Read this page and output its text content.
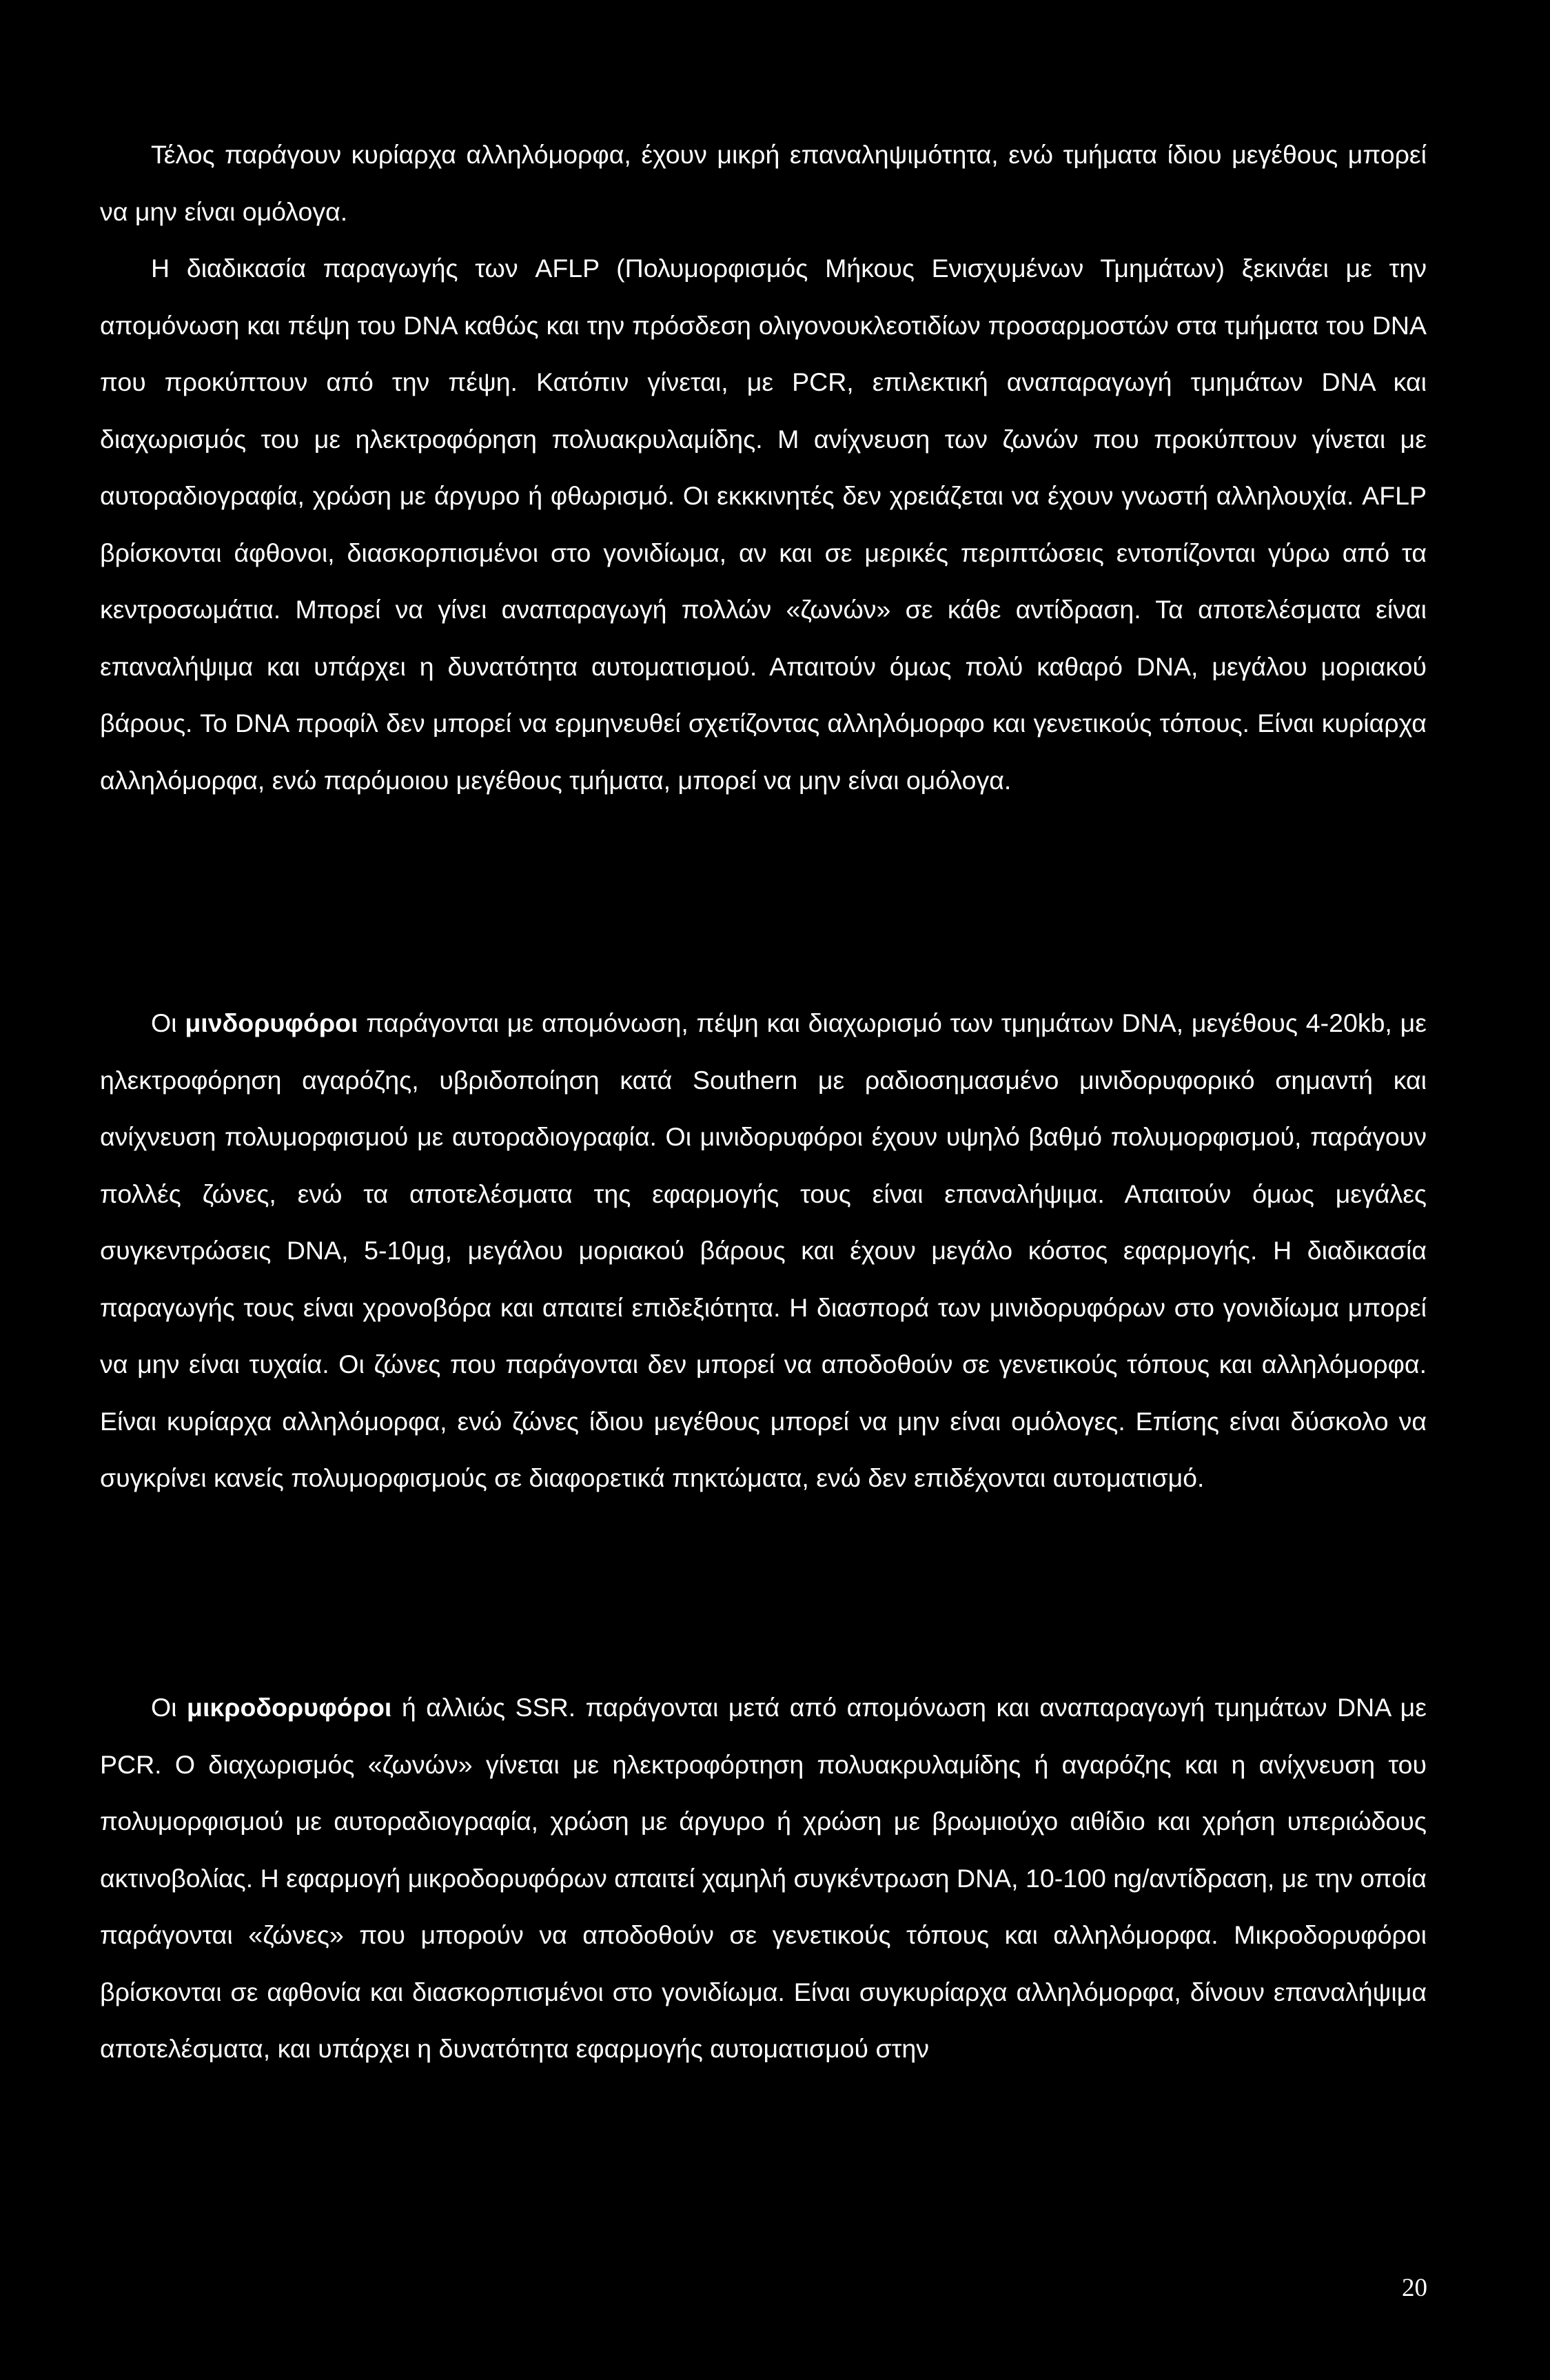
Τέλος παράγουν κυρίαρχα αλληλόμορφα, έχουν μικρή επαναληψιμότητα, ενώ τμήματα ίδιου μεγέθους μπορεί να μην είναι ομόλογα.

Η διαδικασία παραγωγής των AFLP (Πολυμορφισμός Μήκους Ενισχυμένων Τμημάτων) ξεκινάει με την απομόνωση και πέψη του DNA καθώς και την πρόσδεση ολιγονουκλεοτιδίων προσαρμοστών στα τμήματα του DNA που προκύπτουν από την πέψη. Κατόπιν γίνεται, με PCR, επιλεκτική αναπαραγωγή τμημάτων DNA και διαχωρισμός του με ηλεκτροφόρηση πολυακρυλαμίδης. Μ ανίχνευση των ζωνών που προκύπτουν γίνεται με αυτοραδιογραφία, χρώση με άργυρο ή φθωρισμό. Οι εκκκινητές δεν χρειάζεται να έχουν γνωστή αλληλουχία. AFLP βρίσκονται άφθονοι, διασκορπισμένοι στο γονιδίωμα, αν και σε μερικές περιπτώσεις εντοπίζονται γύρω από τα κεντροσωμάτια. Μπορεί να γίνει αναπαραγωγή πολλών «ζωνών» σε κάθε αντίδραση. Τα αποτελέσματα είναι επαναλήψιμα και υπάρχει η δυνατότητα αυτοματισμού. Απαιτούν όμως πολύ καθαρό DNA, μεγάλου μοριακού βάρους. Το DNA προφίλ δεν μπορεί να ερμηνευθεί σχετίζοντας αλληλόμορφο και γενετικούς τόπους. Είναι κυρίαρχα αλληλόμορφα, ενώ παρόμοιου μεγέθους τμήματα, μπορεί να μην είναι ομόλογα.

Οι μινδορυφόροι παράγονται με απομόνωση, πέψη και διαχωρισμό των τμημάτων DNA, μεγέθους 4-20kb, με ηλεκτροφόρηση αγαρόζης, υβριδοποίηση κατά Southern με ραδιοσημασμένο μινιδορυφορικό σημαντή και ανίχνευση πολυμορφισμού με αυτοραδιογραφία. Οι μινιδορυφόροι έχουν υψηλό βαθμό πολυμορφισμού, παράγουν πολλές ζώνες, ενώ τα αποτελέσματα της εφαρμογής τους είναι επαναλήψιμα. Απαιτούν όμως μεγάλες συγκεντρώσεις DNA, 5-10μg, μεγάλου μοριακού βάρους και έχουν μεγάλο κόστος εφαρμογής. Η διαδικασία παραγωγής τους είναι χρονοβόρα και απαιτεί επιδεξιότητα. Η διασπορά των μινιδορυφόρων στο γονιδίωμα μπορεί να μην είναι τυχαία. Οι ζώνες που παράγονται δεν μπορεί να αποδοθούν σε γενετικούς τόπους και αλληλόμορφα. Είναι κυρίαρχα αλληλόμορφα, ενώ ζώνες ίδιου μεγέθους μπορεί να μην είναι ομόλογες. Επίσης είναι δύσκολο να συγκρίνει κανείς πολυμορφισμούς σε διαφορετικά πηκτώματα, ενώ δεν επιδέχονται αυτοματισμό.

Οι μικροδορυφόροι ή αλλιώς SSR. παράγονται μετά από απομόνωση και αναπαραγωγή τμημάτων DNA με PCR. Ο διαχωρισμός «ζωνών» γίνεται με ηλεκτροφόρτηση πολυακρυλαμίδης ή αγαρόζης και η ανίχνευση του πολυμορφισμού με αυτοραδιογραφία, χρώση με άργυρο ή χρώση με βρωμιούχο αιθίδιο και χρήση υπεριώδους ακτινοβολίας. Η εφαρμογή μικροδορυφόρων απαιτεί χαμηλή συγκέντρωση DNA, 10-100 ng/αντίδραση, με την οποία παράγονται «ζώνες» που μπορούν να αποδοθούν σε γενετικούς τόπους και αλληλόμορφα. Μικροδορυφόροι βρίσκονται σε αφθονία και διασκορπισμένοι στο γονιδίωμα. Είναι συγκυρίαρχα αλληλόμορφα, δίνουν επαναλήψιμα αποτελέσματα, και υπάρχει η δυνατότητα εφαρμογής αυτοματισμού στην

20
